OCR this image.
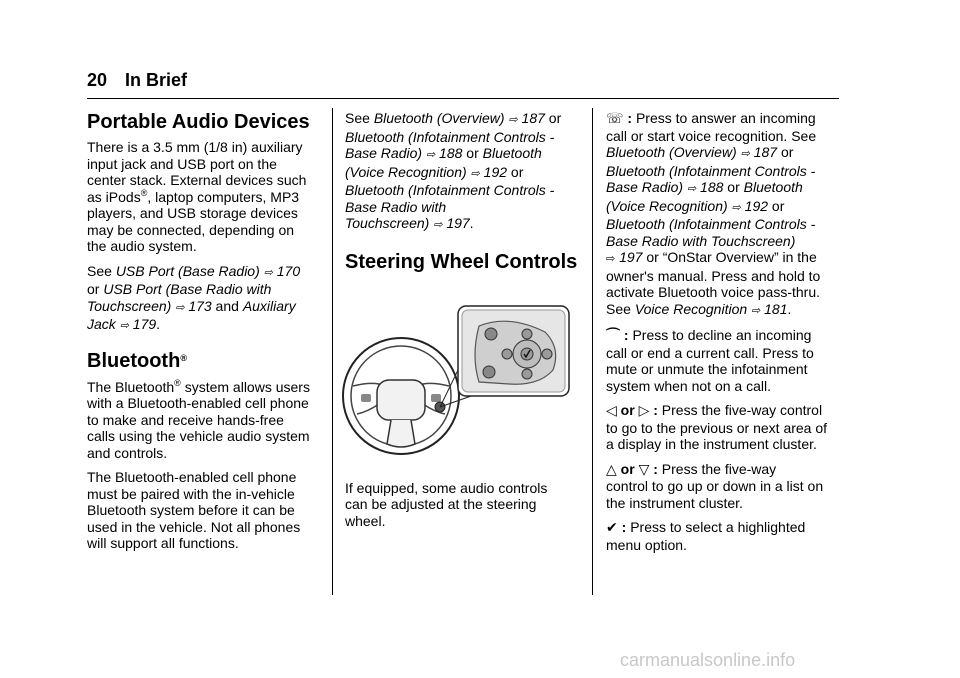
20 In Brief
Portable Audio Devices

There is a 3.5 mm (1/8 in) auxiliary
input jack and USB port on the
center stack. External devices such
as iPods®, laptop computers, MP3
players, and USB storage devices
may be connected, depending on
the audio system.

See USB Port (Base Radio) ⇨ 170
or USB Port (Base Radio with
Touchscreen) ⇨ 173 and Auxiliary
Jack ⇨ 179.

Bluetooth®

The Bluetooth® system allows users
with a Bluetooth-enabled cell phone
to make and receive hands-free
calls using the vehicle audio system
and controls.

The Bluetooth-enabled cell phone
must be paired with the in-vehicle
Bluetooth system before it can be
used in the vehicle. Not all phones
will support all functions.

See Bluetooth (Overview) ⇨ 187 or
Bluetooth (Infotainment Controls -
Base Radio) ⇨ 188 or Bluetooth
(Voice Recognition) ⇨ 192 or
Bluetooth (Infotainment Controls -
Base Radio with
Touchscreen) ⇨ 197.

Steering Wheel Controls

If equipped, some audio controls
can be adjusted at the steering
wheel.

☏ : Press to answer an incoming
call or start voice recognition. See
Bluetooth (Overview) ⇨ 187 or
Bluetooth (Infotainment Controls -
Base Radio) ⇨ 188 or Bluetooth
(Voice Recognition) ⇨ 192 or
Bluetooth (Infotainment Controls -
Base Radio with Touchscreen)
⇨ 197 or “OnStar Overview” in the
owner's manual. Press and hold to
activate Bluetooth voice pass-thru.
See Voice Recognition ⇨ 181.

⌒ : Press to decline an incoming
call or end a current call. Press to
mute or unmute the infotainment
system when not on a call.

◁ or ▷ : Press the five-way control
to go to the previous or next area of
a display in the instrument cluster.

△ or ▽ : Press the five-way
control to go up or down in a list on
the instrument cluster.

✔ : Press to select a highlighted
menu option.

carmanualsonline.info
